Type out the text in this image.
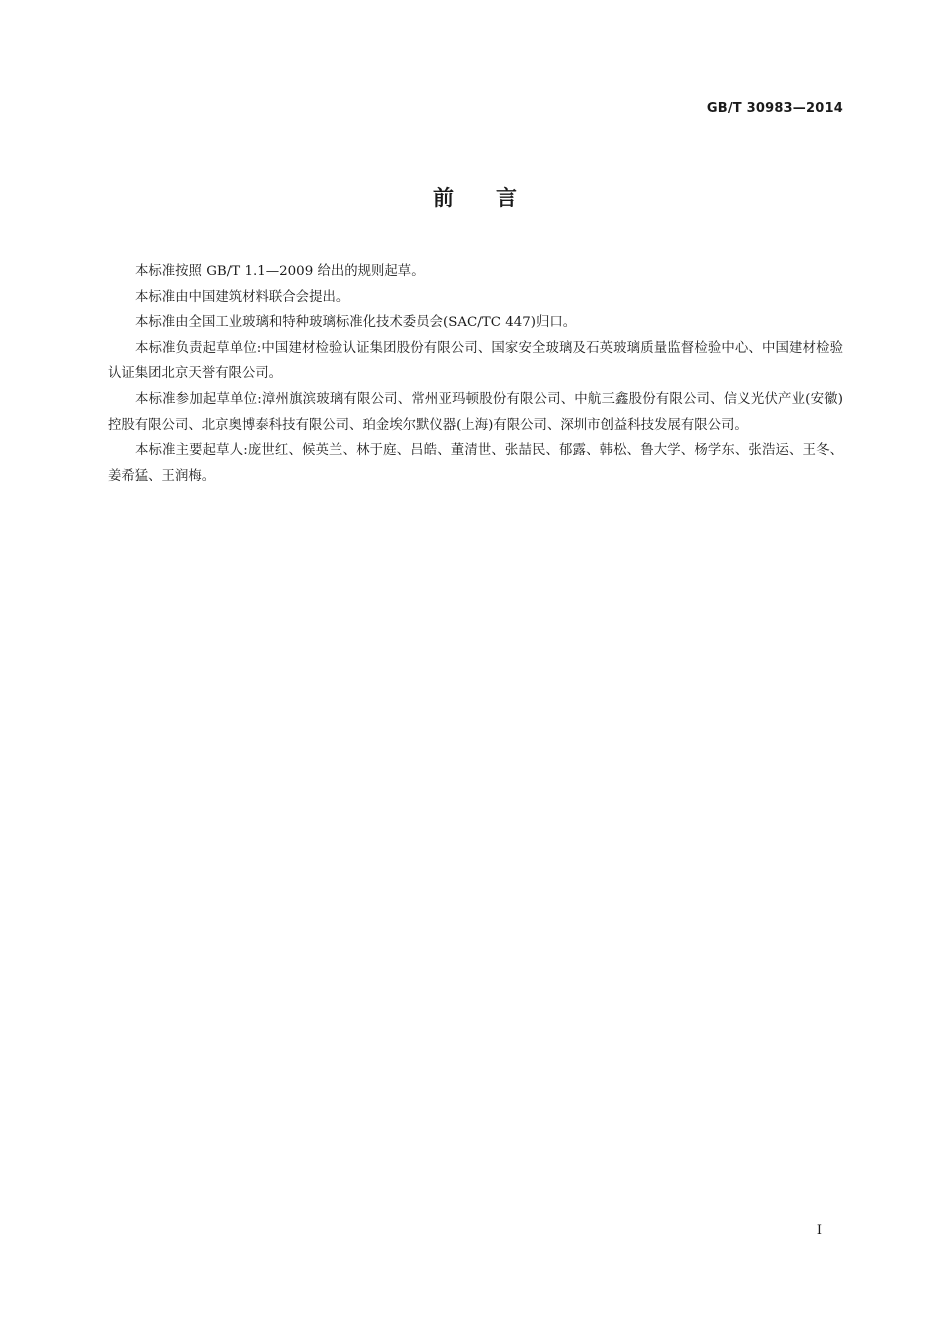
GB/T 30983—2014
前言

本标准按照 GB/T 1.1—2009 给出的规则起草。

本标准由中国建筑材料联合会提出。

本标准由全国工业玻璃和特种玻璃标准化技术委员会(SAC/TC 447)归口。

本标准负责起草单位:中国建材检验认证集团股份有限公司、国家安全玻璃及石英玻璃质量监督检验中心、中国建材检验认证集团北京天誉有限公司。

本标准参加起草单位:漳州旗滨玻璃有限公司、常州亚玛顿股份有限公司、中航三鑫股份有限公司、信义光伏产业(安徽)控股有限公司、北京奥博泰科技有限公司、珀金埃尔默仪器(上海)有限公司、深圳市创益科技发展有限公司。

本标准主要起草人:庞世红、候英兰、林于庭、吕皓、董清世、张喆民、郁露、韩松、鲁大学、杨学东、张浩运、王冬、姜希猛、王润梅。

I
